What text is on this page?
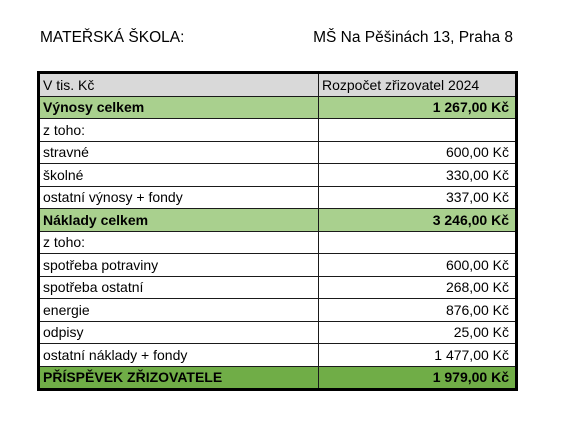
MATEŘSKÁ ŠKOLA:	MŠ Na Pěšinách 13, Praha 8
V tis. Kč	Rozpočet zřizovatel 2024
Výnosy celkem	1 267,00 Kč
z toho:	
stravné	600,00 Kč
školné	330,00 Kč
ostatní výnosy + fondy	337,00 Kč
Náklady celkem	3 246,00 Kč
z toho:	
spotřeba potraviny	600,00 Kč
spotřeba ostatní	268,00 Kč
energie	876,00 Kč
odpisy	25,00 Kč
ostatní náklady + fondy	1 477,00 Kč
PŘÍSPĚVEK ZŘIZOVATELE	1 979,00 Kč
